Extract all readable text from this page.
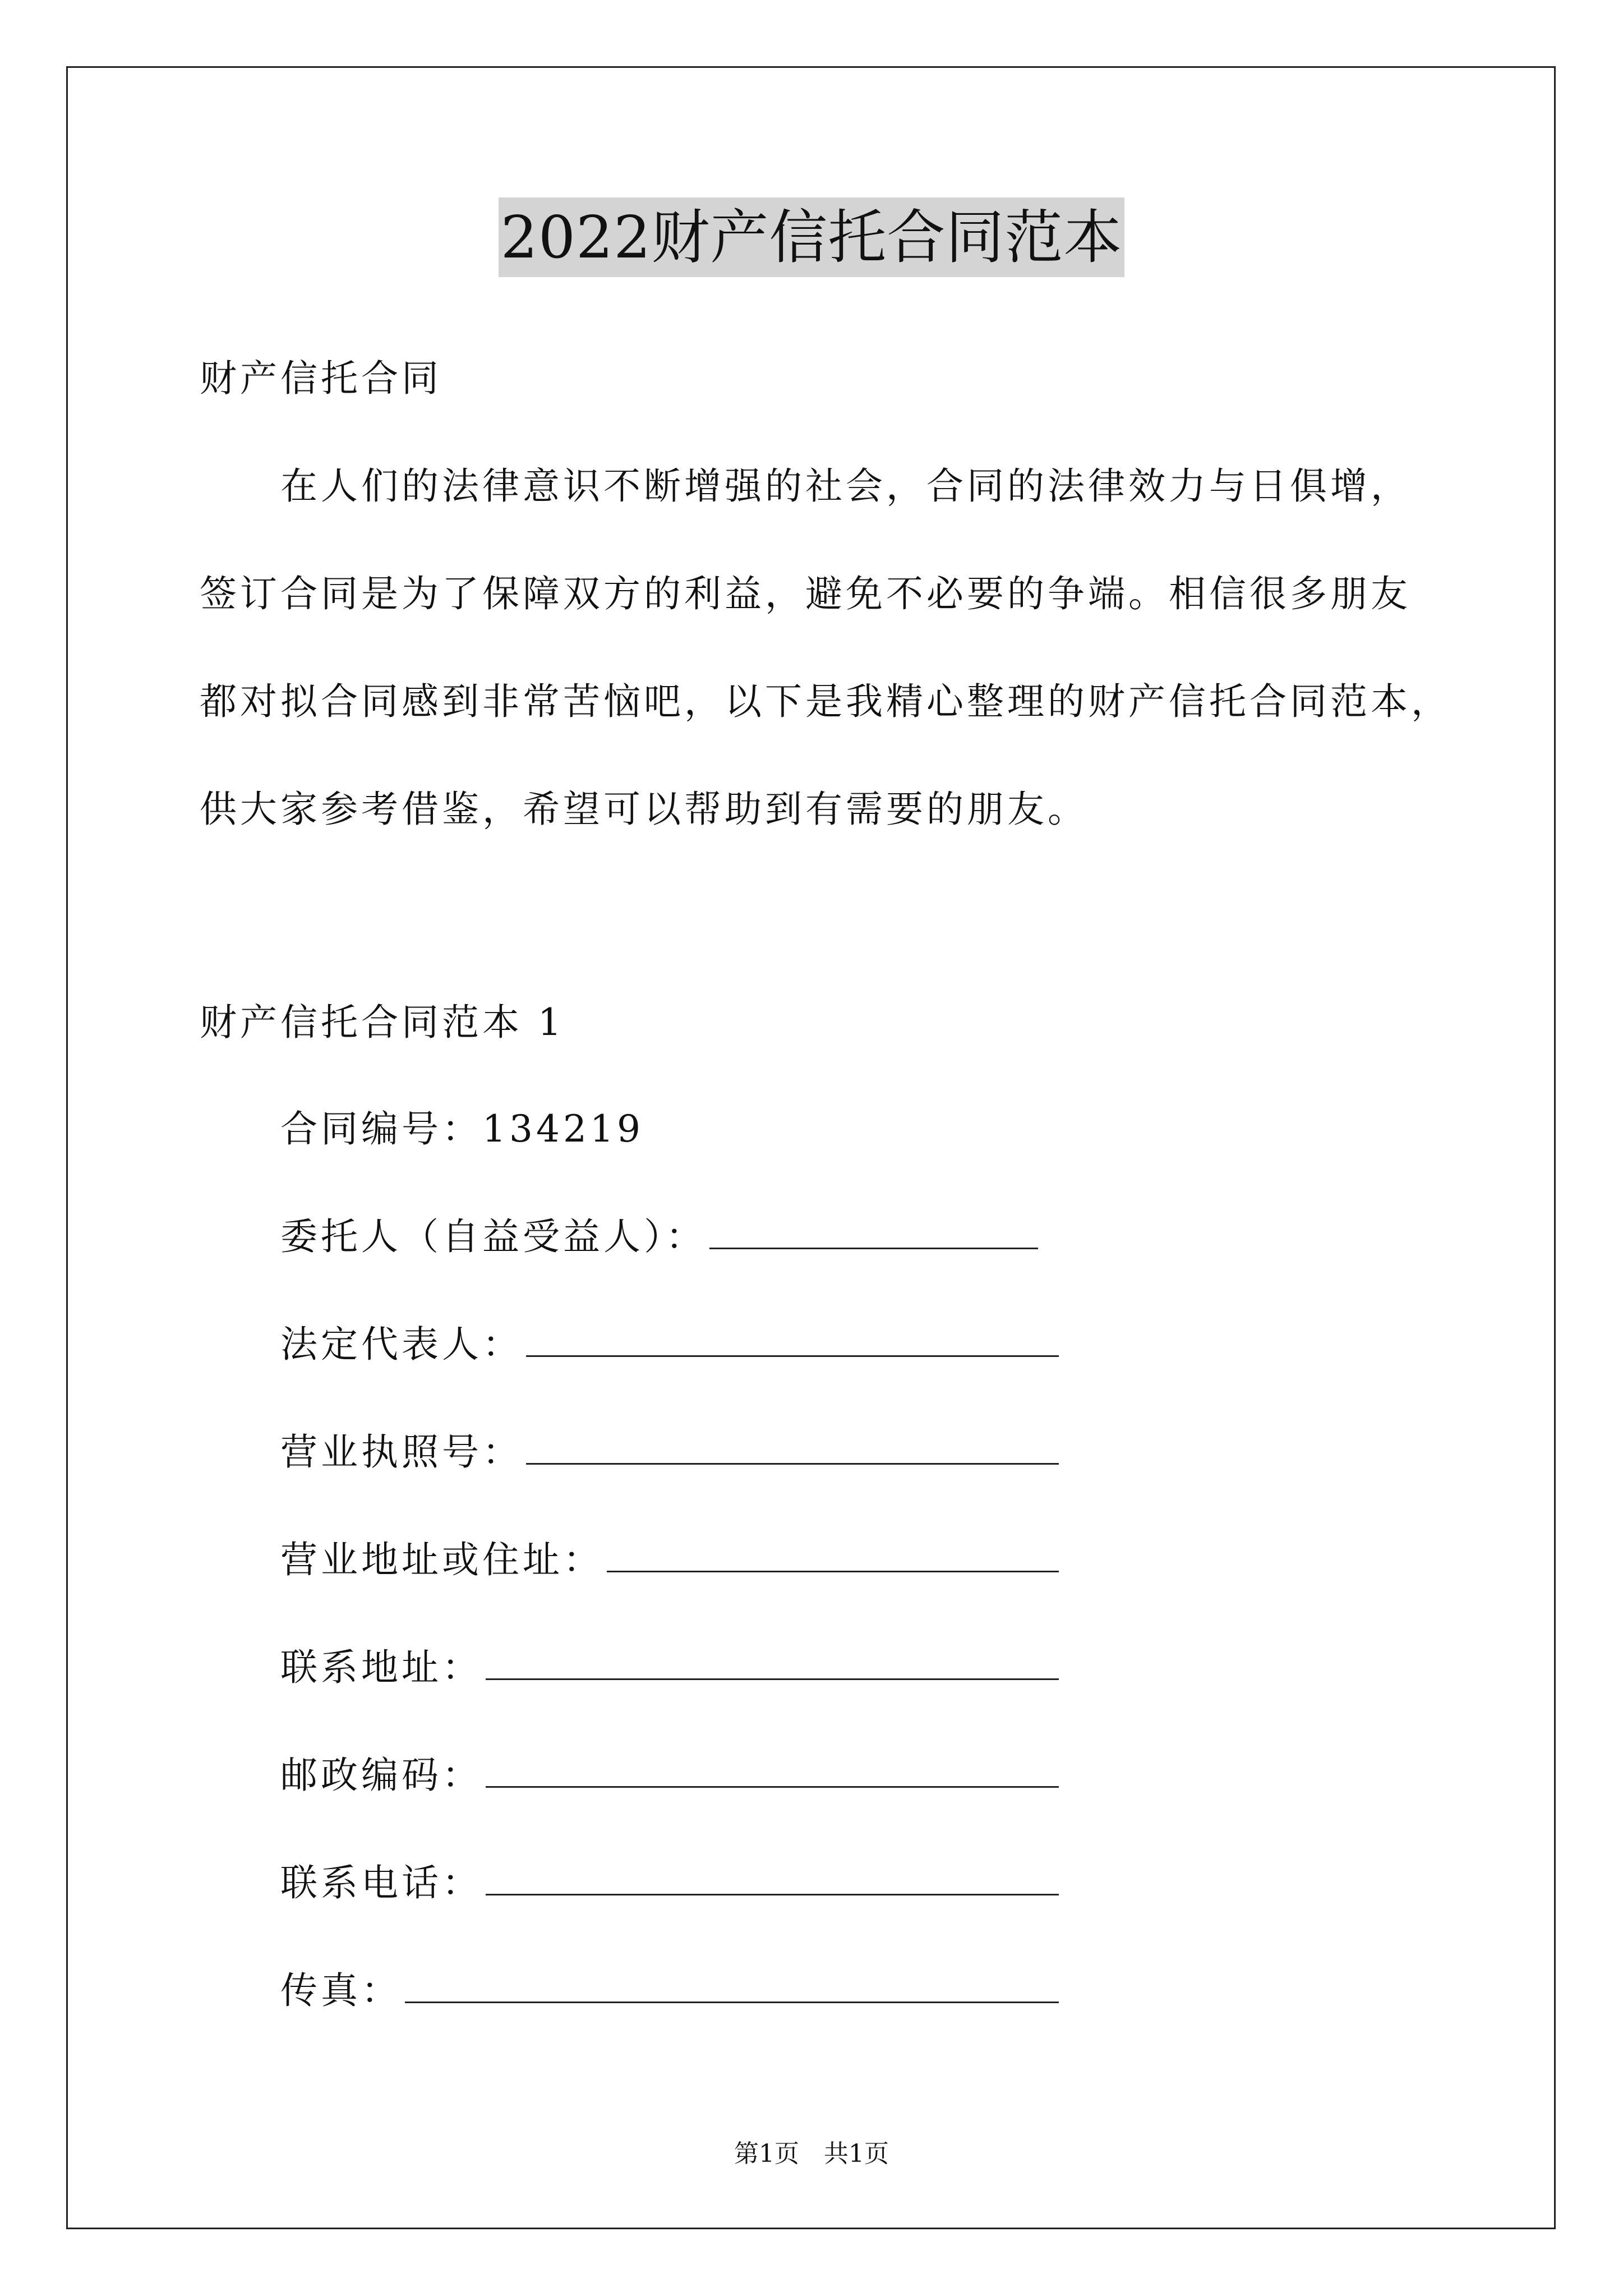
2022财产信托合同范本
财产信托合同
在人们的法律意识不断增强的社会，合同的法律效力与日俱增，
签订合同是为了保障双方的利益，避免不必要的争端。相信很多朋友
都对拟合同感到非常苦恼吧，以下是我精心整理的财产信托合同范本，
供大家参考借鉴，希望可以帮助到有需要的朋友。
财产信托合同范本 1
合同编号：134219
委托人（自益受益人）：
法定代表人：
营业执照号：
营业地址或住址：
联系地址：
邮政编码：
联系电话：
传真：
第1页 共1页
